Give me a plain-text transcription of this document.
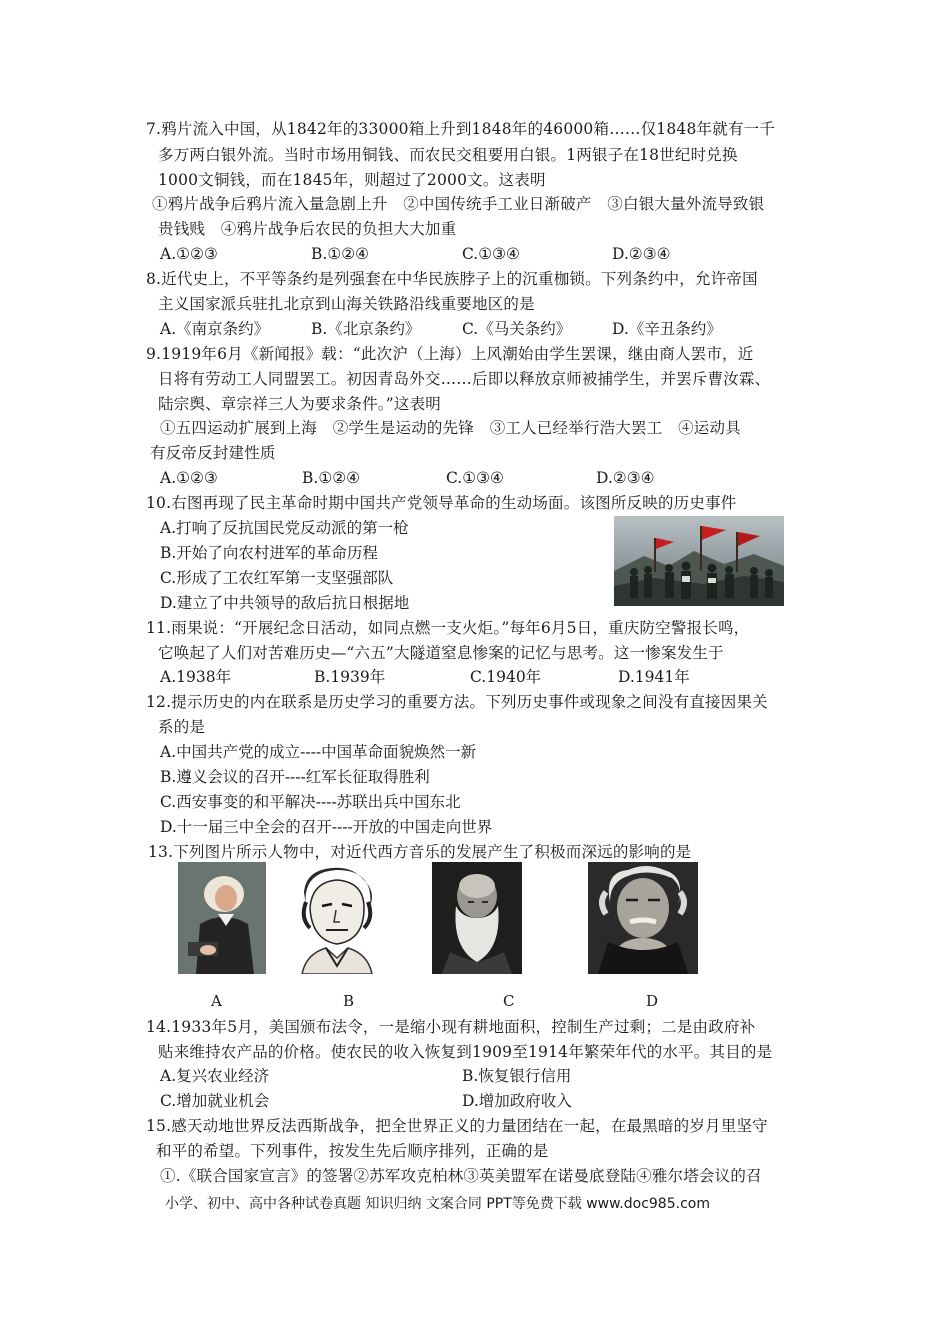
7.鸦片流入中国，从1842年的33000箱上升到1848年的46000箱……仅1848年就有一千
多万两白银外流。当时市场用铜钱、而农民交租要用白银。1两银子在18世纪时兑换
1000文铜钱，而在1845年，则超过了2000文。这表明
①鸦片战争后鸦片流入量急剧上升　②中国传统手工业日渐破产　③白银大量外流导致银
贵钱贱　④鸦片战争后农民的负担大大加重
A.①②③	B.①②④	C.①③④	D.②③④
8.近代史上，不平等条约是列强套在中华民族脖子上的沉重枷锁。下列条约中，允许帝国
主义国家派兵驻扎北京到山海关铁路沿线重要地区的是
A.《南京条约》	B.《北京条约》	C.《马关条约》	D.《辛丑条约》
9.1919年6月《新闻报》载：“此次沪（上海）上风潮始由学生罢课，继由商人罢市，近
日将有劳动工人同盟罢工。初因青岛外交……后即以释放京师被捕学生，并罢斥曹汝霖、
陆宗舆、章宗祥三人为要求条件。”这表明
①五四运动扩展到上海　②学生是运动的先锋　③工人已经举行浩大罢工　④运动具
有反帝反封建性质
A.①②③	B.①②④	C.①③④	D.②③④
10.右图再现了民主革命时期中国共产党领导革命的生动场面。该图所反映的历史事件
A.打响了反抗国民党反动派的第一枪
B.开始了向农村进军的革命历程
C.形成了工农红军第一支坚强部队
D.建立了中共领导的敌后抗日根据地
11.雨果说：“开展纪念日活动，如同点燃一支火炬。”每年6月5日，重庆防空警报长鸣，
它唤起了人们对苦难历史—“六五”大隧道窒息惨案的记忆与思考。这一惨案发生于
A.1938年	B.1939年	C.1940年	D.1941年
12.提示历史的内在联系是历史学习的重要方法。下列历史事件或现象之间没有直接因果关
系的是
A.中国共产党的成立----中国革命面貌焕然一新
B.遵义会议的召开----红军长征取得胜利
C.西安事变的和平解决----苏联出兵中国东北
D.十一届三中全会的召开----开放的中国走向世界
13.下列图片所示人物中，对近代西方音乐的发展产生了积极而深远的影响的是
A	B	C	D
14.1933年5月，美国颁布法令，一是缩小现有耕地面积，控制生产过剩；二是由政府补
贴来维持农产品的价格。使农民的收入恢复到1909至1914年繁荣年代的水平。其目的是
A.复兴农业经济	B.恢复银行信用
C.增加就业机会	D.增加政府收入
15.感天动地世界反法西斯战争，把全世界正义的力量团结在一起，在最黑暗的岁月里坚守
和平的希望。下列事件，按发生先后顺序排列，正确的是
①.《联合国家宣言》的签署②苏军攻克柏林③英美盟军在诺曼底登陆④雅尔塔会议的召
小学、初中、高中各种试卷真题 知识归纳 文案合同 PPT等免费下载 www.doc985.com
